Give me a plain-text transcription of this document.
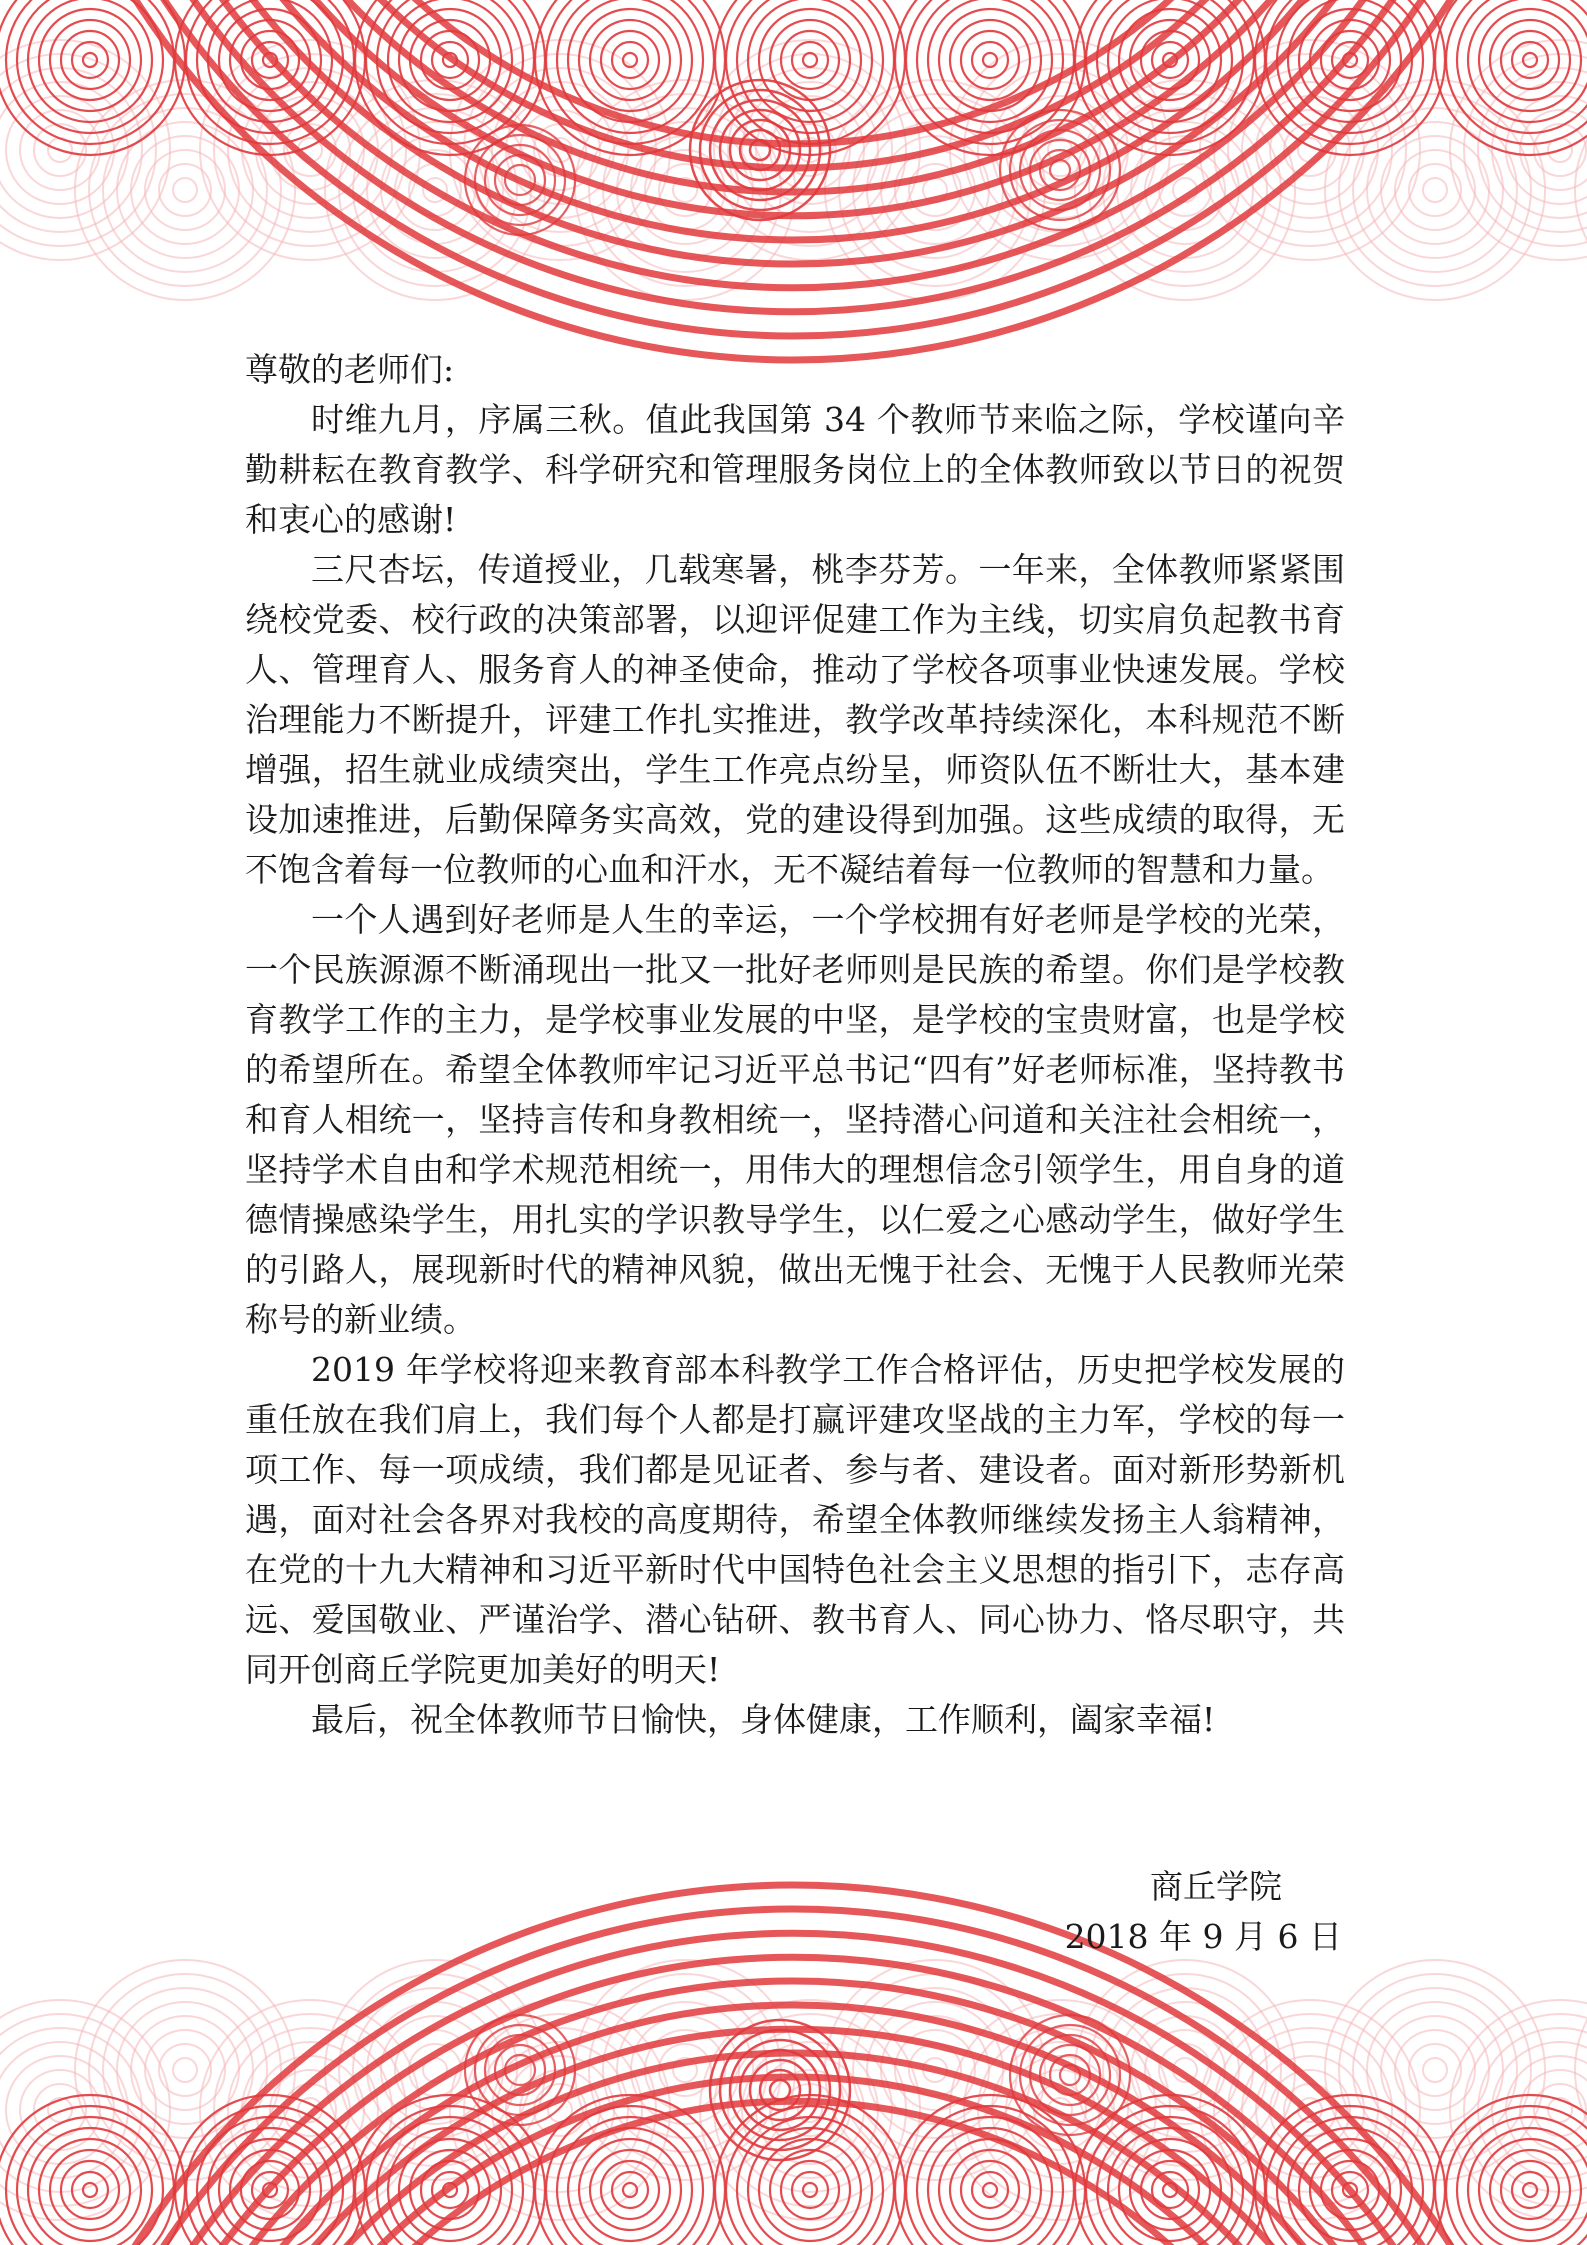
尊敬的老师们:

时维九月，序属三秋。值此我国第 34 个教师节来临之际，学校谨向辛勤耕耘在教育教学、科学研究和管理服务岗位上的全体教师致以节日的祝贺和衷心的感谢!

三尺杏坛，传道授业，几载寒暑，桃李芬芳。一年来，全体教师紧紧围绕校党委、校行政的决策部署，以迎评促建工作为主线，切实肩负起教书育人、管理育人、服务育人的神圣使命，推动了学校各项事业快速发展。学校治理能力不断提升，评建工作扎实推进，教学改革持续深化，本科规范不断增强，招生就业成绩突出，学生工作亮点纷呈，师资队伍不断壮大，基本建设加速推进，后勤保障务实高效，党的建设得到加强。这些成绩的取得，无不饱含着每一位教师的心血和汗水，无不凝结着每一位教师的智慧和力量。

一个人遇到好老师是人生的幸运，一个学校拥有好老师是学校的光荣，一个民族源源不断涌现出一批又一批好老师则是民族的希望。你们是学校教育教学工作的主力，是学校事业发展的中坚，是学校的宝贵财富，也是学校的希望所在。希望全体教师牢记习近平总书记“四有”好老师标准，坚持教书和育人相统一，坚持言传和身教相统一，坚持潜心问道和关注社会相统一，坚持学术自由和学术规范相统一，用伟大的理想信念引领学生，用自身的道德情操感染学生，用扎实的学识教导学生，以仁爱之心感动学生，做好学生的引路人，展现新时代的精神风貌，做出无愧于社会、无愧于人民教师光荣称号的新业绩。

2019 年学校将迎来教育部本科教学工作合格评估，历史把学校发展的重任放在我们肩上，我们每个人都是打赢评建攻坚战的主力军，学校的每一项工作、每一项成绩，我们都是见证者、参与者、建设者。面对新形势新机遇，面对社会各界对我校的高度期待，希望全体教师继续发扬主人翁精神，在党的十九大精神和习近平新时代中国特色社会主义思想的指引下，志存高远、爱国敬业、严谨治学、潜心钻研、教书育人、同心协力、恪尽职守，共同开创商丘学院更加美好的明天!

最后，祝全体教师节日愉快，身体健康，工作顺利，阖家幸福!

商丘学院
2018 年 9 月 6 日
